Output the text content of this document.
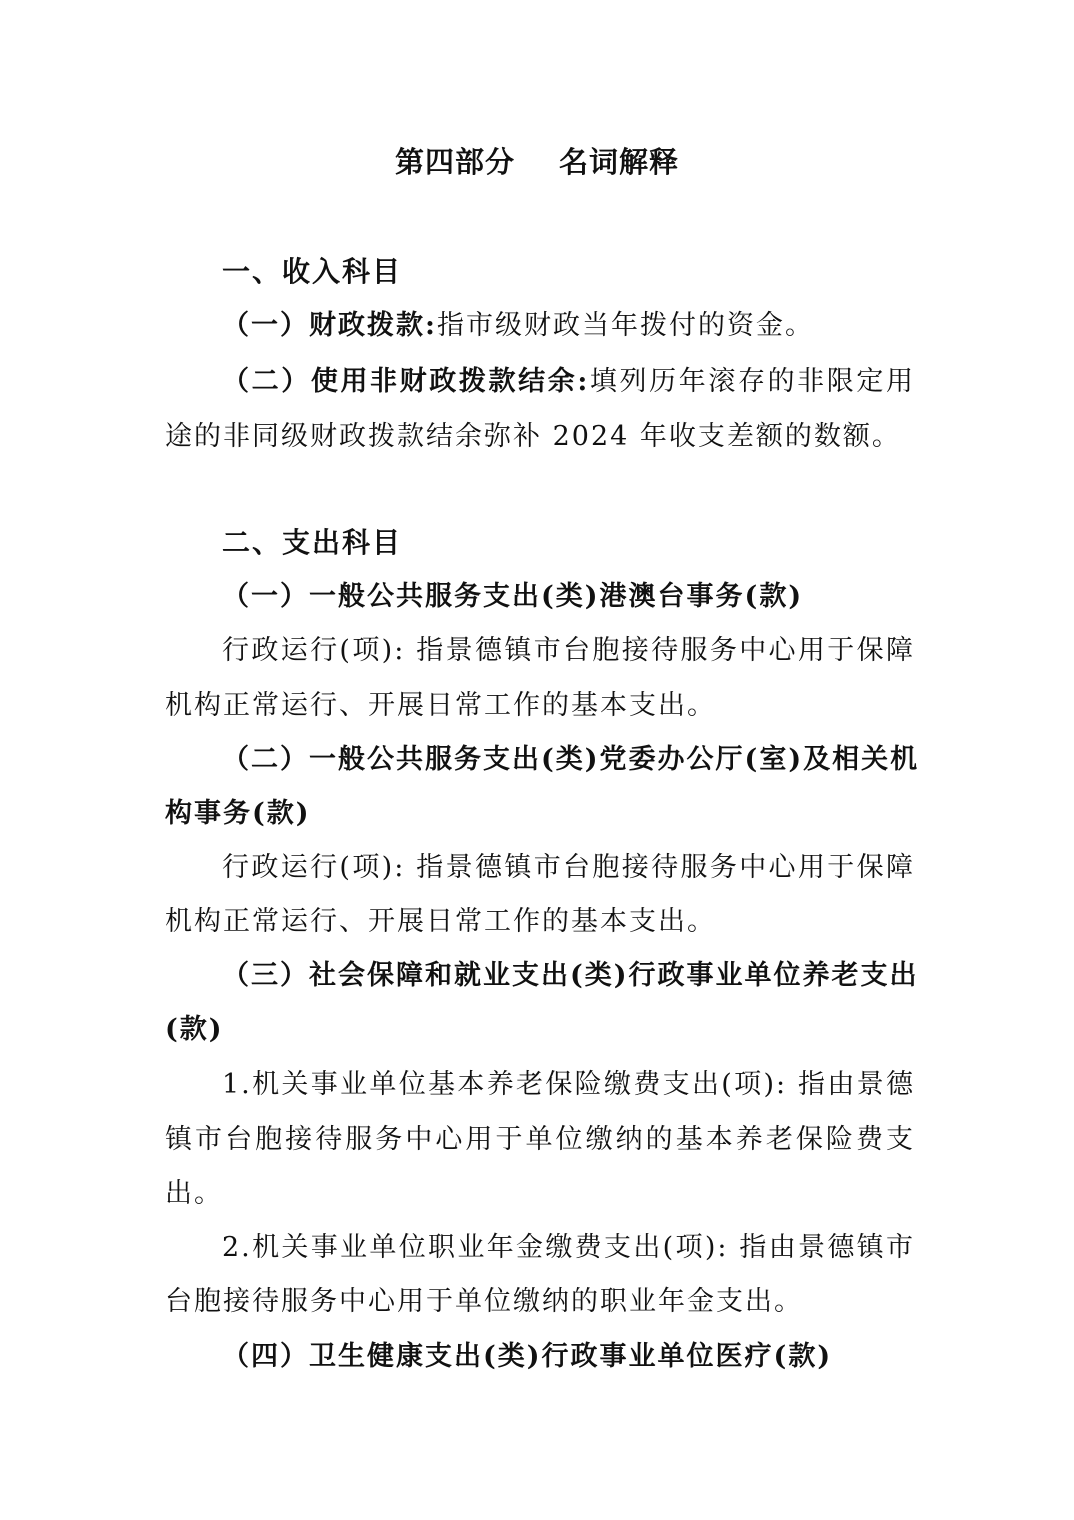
第四部分 名词解释
一、收入科目
（一）财政拨款:指市级财政当年拨付的资金。
（二）使用非财政拨款结余:填列历年滚存的非限定用
途的非同级财政拨款结余弥补 2024 年收支差额的数额。
二、支出科目
（一）一般公共服务支出(类)港澳台事务(款)
行政运行(项): 指景德镇市台胞接待服务中心用于保障
机构正常运行、开展日常工作的基本支出。
（二）一般公共服务支出(类)党委办公厅(室)及相关机
构事务(款)
行政运行(项): 指景德镇市台胞接待服务中心用于保障
机构正常运行、开展日常工作的基本支出。
（三）社会保障和就业支出(类)行政事业单位养老支出
(款)
1.机关事业单位基本养老保险缴费支出(项): 指由景德
镇市台胞接待服务中心用于单位缴纳的基本养老保险费支
出。
2.机关事业单位职业年金缴费支出(项): 指由景德镇市
台胞接待服务中心用于单位缴纳的职业年金支出。
（四）卫生健康支出(类)行政事业单位医疗(款)
